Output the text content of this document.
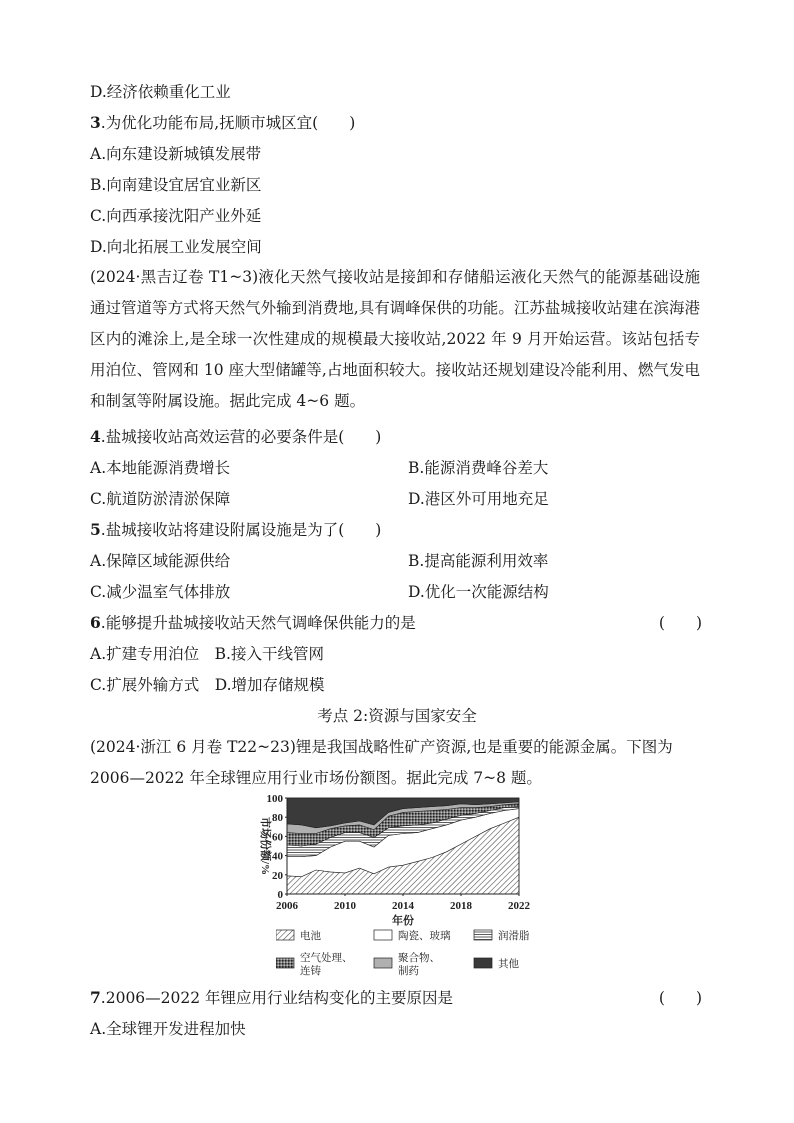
D.经济依赖重化工业
3.为优化功能布局,抚顺市城区宜(　　)
A.向东建设新城镇发展带
B.向南建设宜居宜业新区
C.向西承接沈阳产业外延
D.向北拓展工业发展空间
(2024·黑吉辽卷 T1~3)液化天然气接收站是接卸和存储船运液化天然气的能源基础设施通过管道等方式将天然气外输到消费地,具有调峰保供的功能。江苏盐城接收站建在滨海港区内的滩涂上,是全球一次性建成的规模最大接收站,2022 年 9 月开始运营。该站包括专用泊位、管网和 10 座大型储罐等,占地面积较大。接收站还规划建设冷能利用、燃气发电和制氢等附属设施。据此完成 4~6 题。
4.盐城接收站高效运营的必要条件是(　　)
A.本地能源消费增长	B.能源消费峰谷差大
C.航道防淤清淤保障	D.港区外可用地充足
5.盐城接收站将建设附属设施是为了(　　)
A.保障区域能源供给	B.提高能源利用效率
C.减少温室气体排放	D.优化一次能源结构
6.能够提升盐城接收站天然气调峰保供能力的是	(　　)
A.扩建专用泊位　B.接入干线管网
C.扩展外输方式　D.增加存储规模
考点 2:资源与国家安全
(2024·浙江 6 月卷 T22~23)锂是我国战略性矿产资源,也是重要的能源金属。下图为
2006—2022 年全球锂应用行业市场份额图。据此完成 7~8 题。
0
20
40
60
80
100
2006	2010	2014	2018	2022
市场份额/%
年份
电池	陶瓷、玻璃	润滑脂
空气处理、
连铸
聚合物、
制药
其他
7.2006—2022 年锂应用行业结构变化的主要原因是	(　　)
A.全球锂开发进程加快
